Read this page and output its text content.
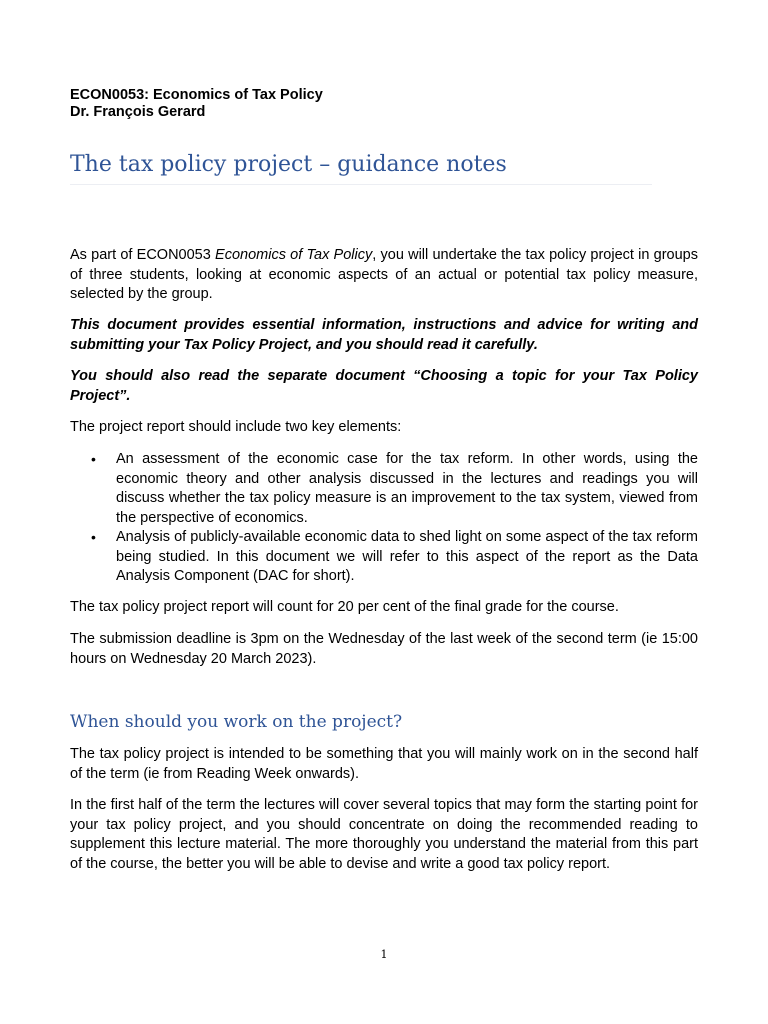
ECON0053: Economics of Tax Policy
Dr. François Gerard
The tax policy project – guidance notes

As part of ECON0053 Economics of Tax Policy, you will undertake the tax policy project in groups of three students, looking at economic aspects of an actual or potential tax policy measure, selected by the group.

This document provides essential information, instructions and advice for writing and submitting your Tax Policy Project, and you should read it carefully.

You should also read the separate document “Choosing a topic for your Tax Policy Project”.

The project report should include two key elements:

• An assessment of the economic case for the tax reform. In other words, using the economic theory and other analysis discussed in the lectures and readings you will discuss whether the tax policy measure is an improvement to the tax system, viewed from the perspective of economics.
• Analysis of publicly-available economic data to shed light on some aspect of the tax reform being studied. In this document we will refer to this aspect of the report as the Data Analysis Component (DAC for short).

The tax policy project report will count for 20 per cent of the final grade for the course.

The submission deadline is 3pm on the Wednesday of the last week of the second term (ie 15:00 hours on Wednesday 20 March 2023).

When should you work on the project?

The tax policy project is intended to be something that you will mainly work on in the second half of the term (ie from Reading Week onwards).

In the first half of the term the lectures will cover several topics that may form the starting point for your tax policy project, and you should concentrate on doing the recommended reading to supplement this lecture material. The more thoroughly you understand the material from this part of the course, the better you will be able to devise and write a good tax policy report.

1
